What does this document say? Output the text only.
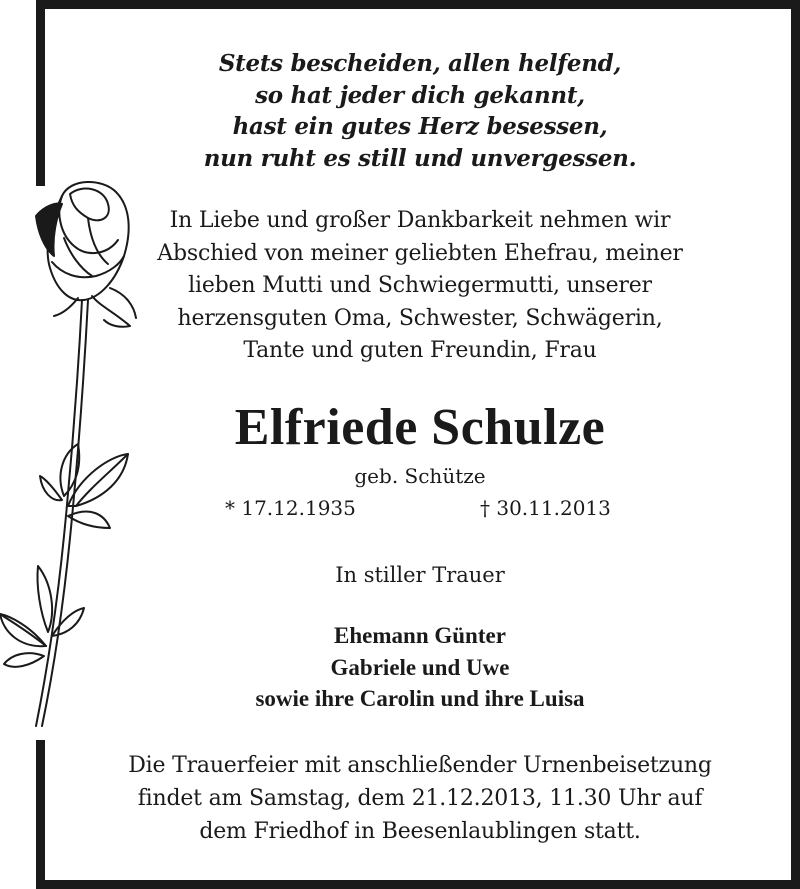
Stets bescheiden, allen helfend,
so hat jeder dich gekannt,
hast ein gutes Herz besessen,
nun ruht es still und unvergessen.
In Liebe und großer Dankbarkeit nehmen wir
Abschied von meiner geliebten Ehefrau, meiner
lieben Mutti und Schwiegermutti, unserer
herzensguten Oma, Schwester, Schwägerin,
Tante und guten Freundin, Frau
Elfriede Schulze
geb. Schütze
* 17.12.1935	† 30.11.2013
In stiller Trauer
Ehemann Günter
Gabriele und Uwe
sowie ihre Carolin und ihre Luisa
Die Trauerfeier mit anschließender Urnenbeisetzung
findet am Samstag, dem 21.12.2013, 11.30 Uhr auf
dem Friedhof in Beesenlaublingen statt.
